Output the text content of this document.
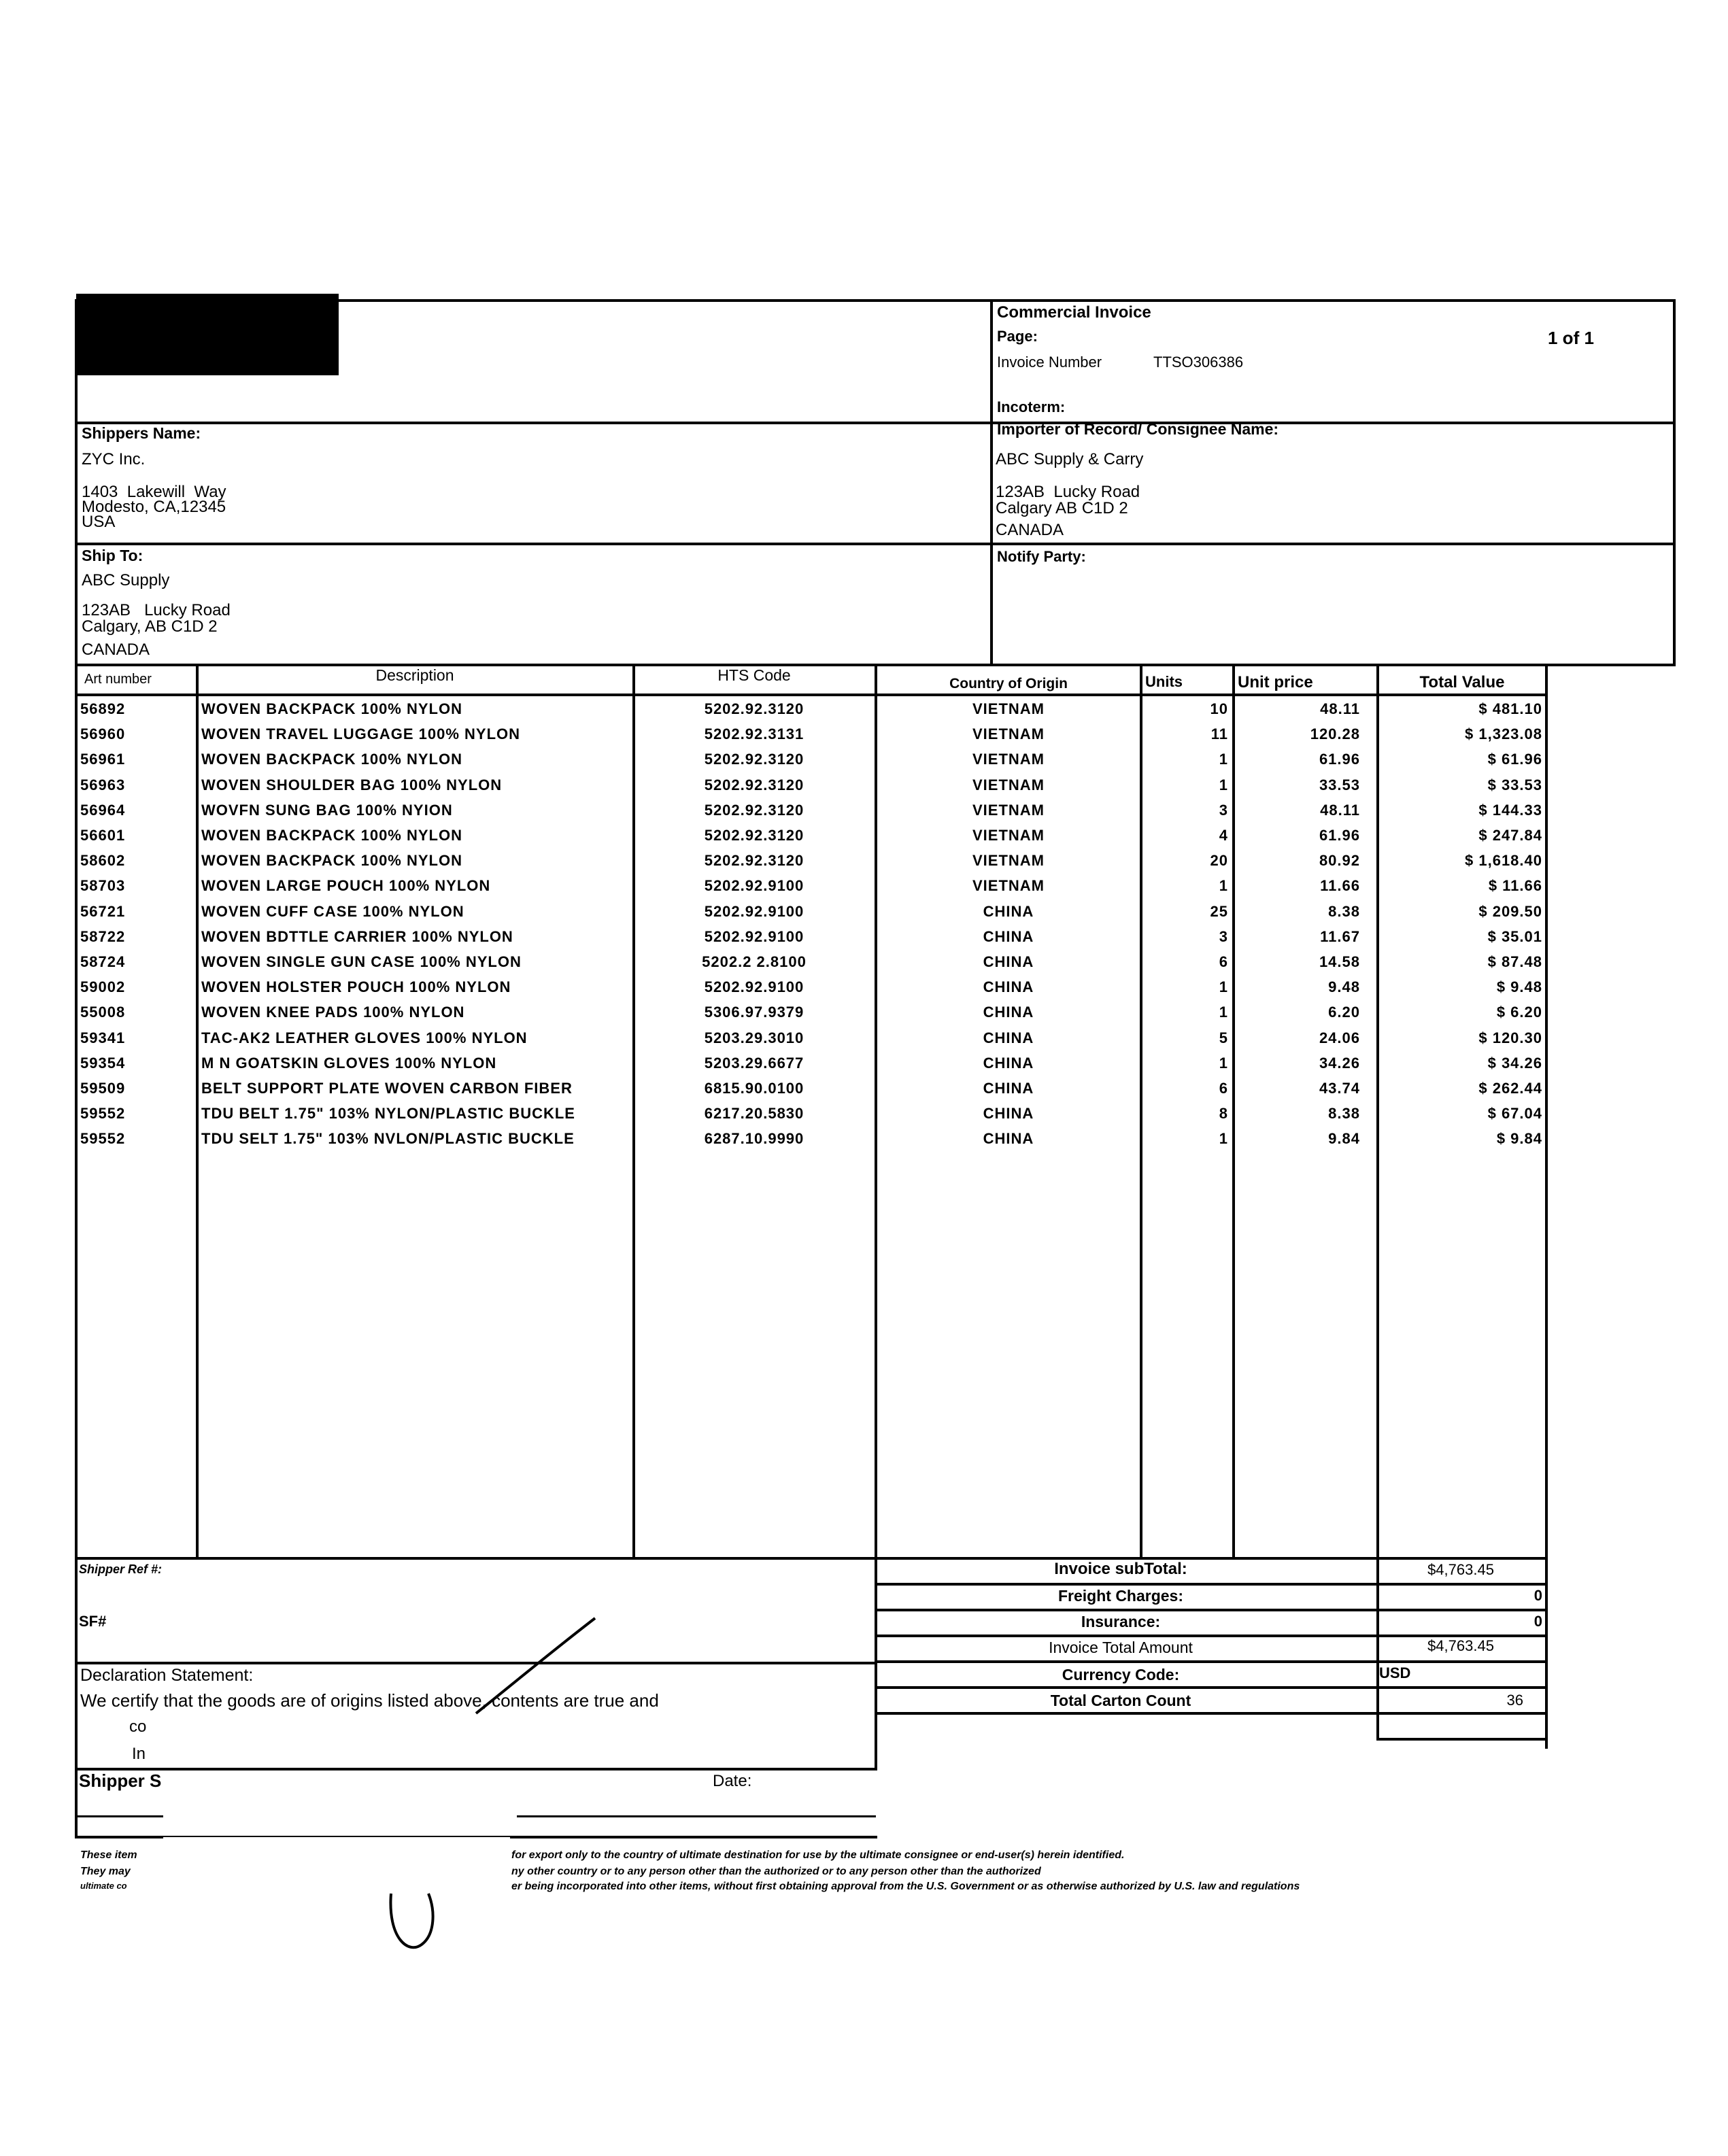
Commercial Invoice
Page:	1 of 1
Invoice Number	TTSO306386
Incoterm:
Shippers Name:
ZYC Inc.
1403  Lakewill  Way
Modesto, CA,12345
USA
Importer of Record/ Consignee Name:
ABC Supply & Carry
123AB  Lucky Road
Calgary AB C1D 2
CANADA
Ship To:
ABC Supply
123AB   Lucky Road
Calgary, AB C1D 2
CANADA
Notify Party:
Art number	Description	HTS Code	Country of Origin	Units	Unit price	Total Value
56892	WOVEN BACKPACK 100% NYLON	5202.92.3120	VIETNAM	10	48.11	$ 481.10
56960	WOVEN TRAVEL LUGGAGE 100% NYLON	5202.92.3131	VIETNAM	11	120.28	$ 1,323.08
56961	WOVEN BACKPACK 100% NYLON	5202.92.3120	VIETNAM	1	61.96	$ 61.96
56963	WOVEN SHOULDER BAG 100% NYLON	5202.92.3120	VIETNAM	1	33.53	$ 33.53
56964	WOVFN SUNG BAG 100% NYION	5202.92.3120	VIETNAM	3	48.11	$ 144.33
56601	WOVEN BACKPACK 100% NYLON	5202.92.3120	VIETNAM	4	61.96	$ 247.84
58602	WOVEN BACKPACK 100% NYLON	5202.92.3120	VIETNAM	20	80.92	$ 1,618.40
58703	WOVEN LARGE POUCH 100% NYLON	5202.92.9100	VIETNAM	1	11.66	$ 11.66
56721	WOVEN CUFF CASE 100% NYLON	5202.92.9100	CHINA	25	8.38	$ 209.50
58722	WOVEN BDTTLE CARRIER 100% NYLON	5202.92.9100	CHINA	3	11.67	$ 35.01
58724	WOVEN SINGLE GUN CASE 100% NYLON	5202.2 2.8100	CHINA	6	14.58	$ 87.48
59002	WOVEN HOLSTER POUCH 100% NYLON	5202.92.9100	CHINA	1	9.48	$ 9.48
55008	WOVEN KNEE PADS 100% NYLON	5306.97.9379	CHINA	1	6.20	$ 6.20
59341	TAC-AK2 LEATHER GLOVES 100% NYLON	5203.29.3010	CHINA	5	24.06	$ 120.30
59354	M N GOATSKIN GLOVES 100% NYLON	5203.29.6677	CHINA	1	34.26	$ 34.26
59509	BELT SUPPORT PLATE WOVEN CARBON FIBER	6815.90.0100	CHINA	6	43.74	$ 262.44
59552	TDU BELT 1.75" 103% NYLON/PLASTIC BUCKLE	6217.20.5830	CHINA	8	8.38	$ 67.04
59552	TDU SELT 1.75" 103% NVLON/PLASTIC BUCKLE	6287.10.9990	CHINA	1	9.84	$ 9.84
Invoice subTotal:	$4,763.45
Freight Charges:	0
Insurance:	0
Invoice Total Amount	$4,763.45
Currency Code:	USD
Total Carton Count	36
Shipper Ref #:
SF#
Declaration Statement:
We certify that the goods are of origins listed above, contents are true and
co
In
Shipper S	Date:
These item
They may
ultimate co
for export only to the country of ultimate destination for use by the ultimate consignee or end-user(s) herein identified.
ny other country or to any person other than the authorized or to any person other than the authorized
er being incorporated into other items, without first obtaining approval from the U.S. Government or as otherwise authorized by U.S. law and regulations
